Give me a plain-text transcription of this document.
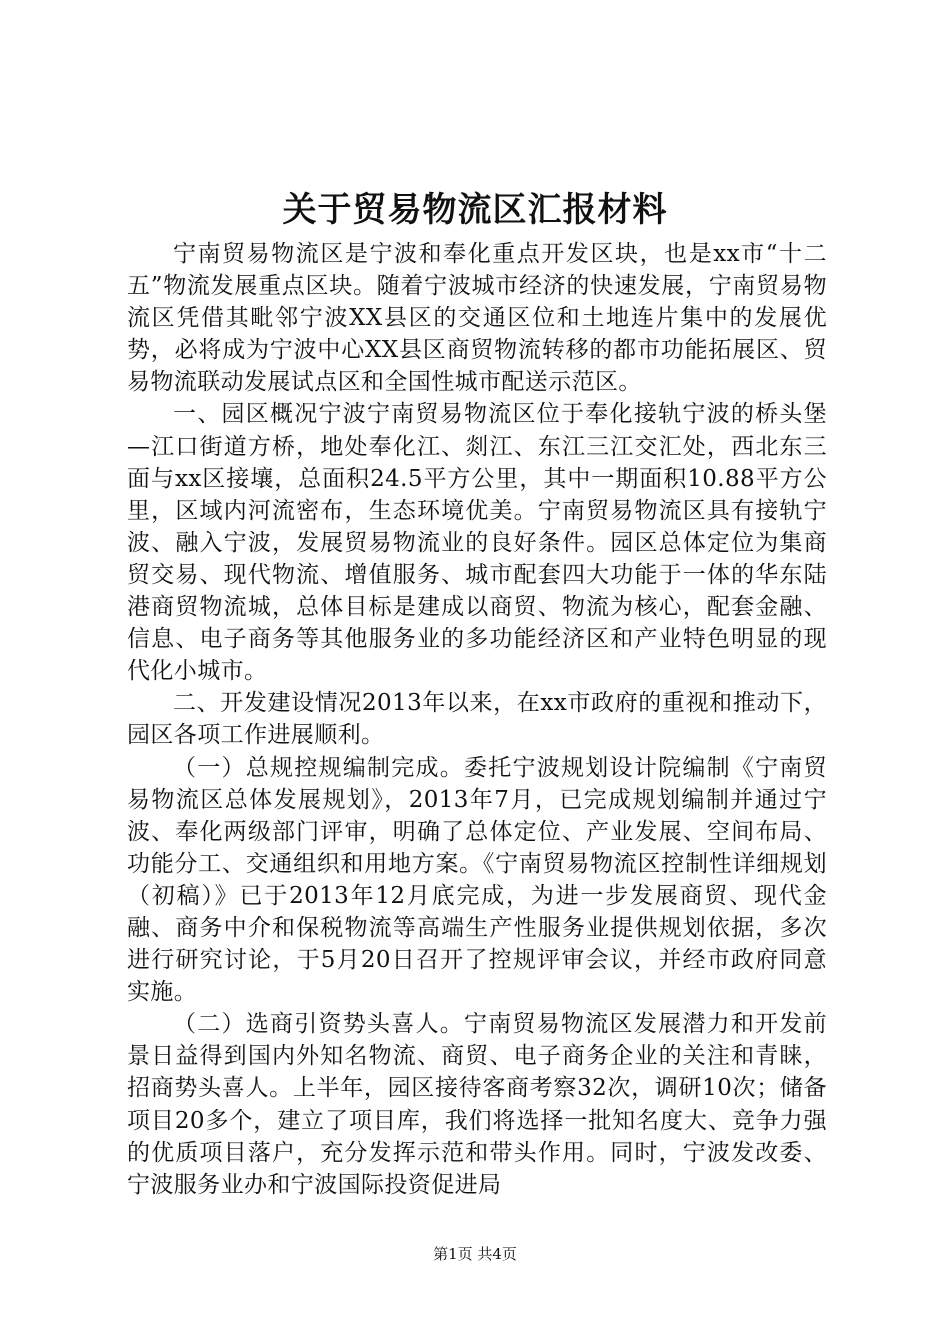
关于贸易物流区汇报材料

宁南贸易物流区是宁波和奉化重点开发区块，也是xx市“十二五”物流发展重点区块。随着宁波城市经济的快速发展，宁南贸易物流区凭借其毗邻宁波XX县区的交通区位和土地连片集中的发展优势，必将成为宁波中心XX县区商贸物流转移的都市功能拓展区、贸易物流联动发展试点区和全国性城市配送示范区。

一、园区概况宁波宁南贸易物流区位于奉化接轨宁波的桥头堡—江口街道方桥，地处奉化江、剡江、东江三江交汇处，西北东三面与xx区接壤，总面积24.5平方公里，其中一期面积10.88平方公里，区域内河流密布，生态环境优美。宁南贸易物流区具有接轨宁波、融入宁波，发展贸易物流业的良好条件。园区总体定位为集商贸交易、现代物流、增值服务、城市配套四大功能于一体的华东陆港商贸物流城，总体目标是建成以商贸、物流为核心，配套金融、信息、电子商务等其他服务业的多功能经济区和产业特色明显的现代化小城市。

二、开发建设情况2013年以来，在xx市政府的重视和推动下，园区各项工作进展顺利。

（一）总规控规编制完成。委托宁波规划设计院编制《宁南贸易物流区总体发展规划》，2013年7月，已完成规划编制并通过宁波、奉化两级部门评审，明确了总体定位、产业发展、空间布局、功能分工、交通组织和用地方案。《宁南贸易物流区控制性详细规划（初稿）》已于2013年12月底完成，为进一步发展商贸、现代金融、商务中介和保税物流等高端生产性服务业提供规划依据，多次进行研究讨论，于5月20日召开了控规评审会议，并经市政府同意实施。

（二）选商引资势头喜人。宁南贸易物流区发展潜力和开发前景日益得到国内外知名物流、商贸、电子商务企业的关注和青睐，招商势头喜人。上半年，园区接待客商考察32次，调研10次；储备项目20多个，建立了项目库，我们将选择一批知名度大、竞争力强的优质项目落户，充分发挥示范和带头作用。同时，宁波发改委、宁波服务业办和宁波国际投资促进局

第1页 共4页
